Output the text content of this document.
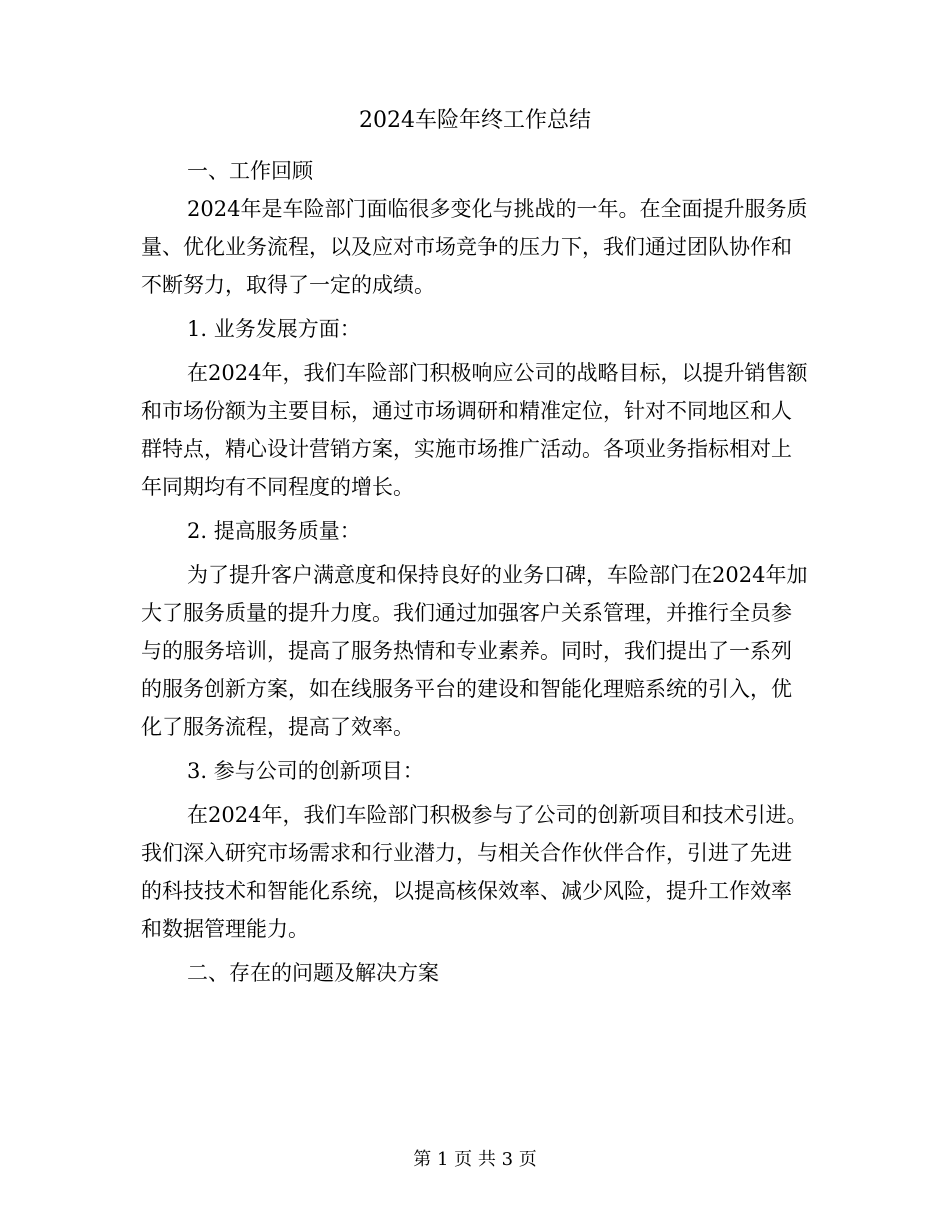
2024车险年终工作总结

一、工作回顾

2024年是车险部门面临很多变化与挑战的一年。在全面提升服务质量、优化业务流程，以及应对市场竞争的压力下，我们通过团队协作和不断努力，取得了一定的成绩。

1. 业务发展方面：

在2024年，我们车险部门积极响应公司的战略目标，以提升销售额和市场份额为主要目标，通过市场调研和精准定位，针对不同地区和人群特点，精心设计营销方案，实施市场推广活动。各项业务指标相对上年同期均有不同程度的增长。

2. 提高服务质量：

为了提升客户满意度和保持良好的业务口碑，车险部门在2024年加大了服务质量的提升力度。我们通过加强客户关系管理，并推行全员参与的服务培训，提高了服务热情和专业素养。同时，我们提出了一系列的服务创新方案，如在线服务平台的建设和智能化理赔系统的引入，优化了服务流程，提高了效率。

3. 参与公司的创新项目：

在2024年，我们车险部门积极参与了公司的创新项目和技术引进。我们深入研究市场需求和行业潜力，与相关合作伙伴合作，引进了先进的科技技术和智能化系统，以提高核保效率、减少风险，提升工作效率和数据管理能力。

二、存在的问题及解决方案

第 1 页 共 3 页
